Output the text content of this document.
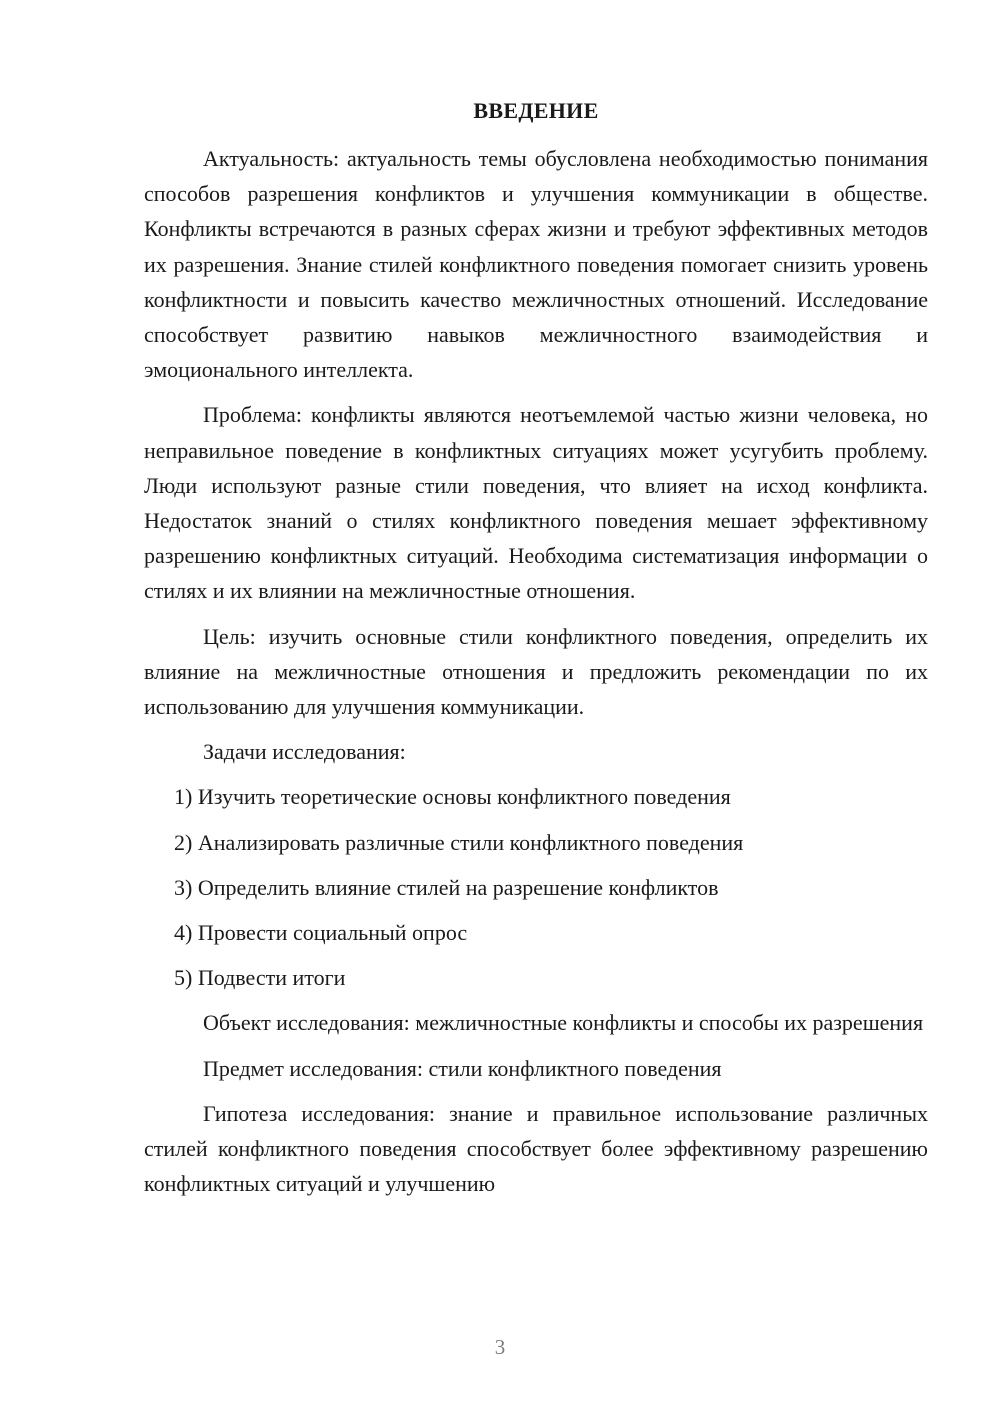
ВВЕДЕНИЕ

Актуальность: актуальность темы обусловлена необходимостью понимания способов разрешения конфликтов и улучшения коммуникации в обществе. Конфликты встречаются в разных сферах жизни и требуют эффективных методов их разрешения. Знание стилей конфликтного поведения помогает снизить уровень конфликтности и повысить качество межличностных отношений. Исследование способствует развитию навыков межличностного взаимодействия и эмоционального интеллекта.

Проблема: конфликты являются неотъемлемой частью жизни человека, но неправильное поведение в конфликтных ситуациях может усугубить проблему. Люди используют разные стили поведения, что влияет на исход конфликта. Недостаток знаний о стилях конфликтного поведения мешает эффективному разрешению конфликтных ситуаций. Необходима систематизация информации о стилях и их влиянии на межличностные отношения.

Цель: изучить основные стили конфликтного поведения, определить их влияние на межличностные отношения и предложить рекомендации по их использованию для улучшения коммуникации.

Задачи исследования:

1) Изучить теоретические основы конфликтного поведения
2) Анализировать различные стили конфликтного поведения
3) Определить влияние стилей на разрешение конфликтов
4) Провести социальный опрос
5) Подвести итоги

Объект исследования: межличностные конфликты и способы их разрешения

Предмет исследования: стили конфликтного поведения

Гипотеза исследования: знание и правильное использование различных стилей конфликтного поведения способствует более эффективному разрешению конфликтных ситуаций и улучшению

3
